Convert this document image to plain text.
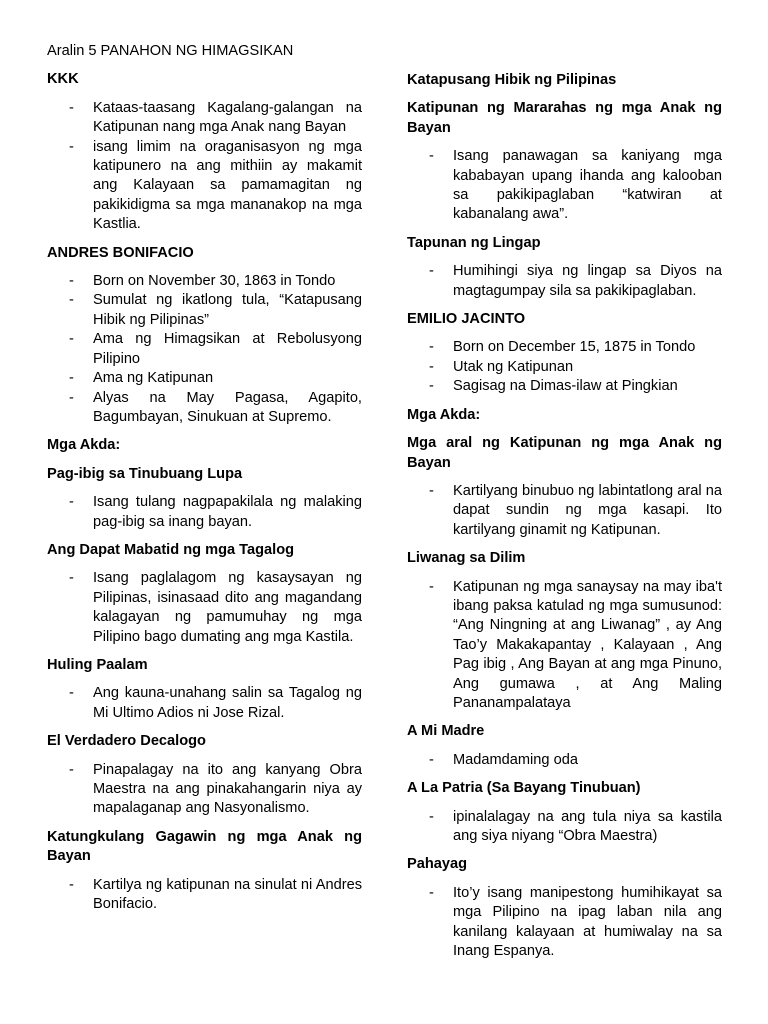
Aralin 5 PANAHON NG HIMAGSIKAN
KKK
- Kataas-taasang Kagalang-galangan na Katipunan nang mga Anak nang Bayan
- isang limim na oraganisasyon ng mga katipunero na ang mithiin ay makamit ang Kalayaan sa pamamagitan ng pakikidigma sa mga mananakop na mga Kastlia.
ANDRES BONIFACIO
- Born on November 30, 1863 in Tondo
- Sumulat ng ikatlong tula, “Katapusang Hibik ng Pilipinas”
- Ama ng Himagsikan at Rebolusyong Pilipino
- Ama ng Katipunan
- Alyas na May Pagasa, Agapito, Bagumbayan, Sinukuan at Supremo.
Mga Akda:
Pag-ibig sa Tinubuang Lupa
- Isang tulang nagpapakilala ng malaking pag-ibig sa inang bayan.
Ang Dapat Mabatid ng mga Tagalog
- Isang paglalagom ng kasaysayan ng Pilipinas, isinasaad dito ang magandang kalagayan ng pamumuhay ng mga Pilipino bago dumating ang mga Kastila.
Huling Paalam
- Ang kauna-unahang salin sa Tagalog ng Mi Ultimo Adios ni Jose Rizal.
El Verdadero Decalogo
- Pinapalagay na ito ang kanyang Obra Maestra na ang pinakahangarin niya ay mapalaganap ang Nasyonalismo.
Katungkulang Gagawin ng mga Anak ng Bayan
- Kartilya ng katipunan na sinulat ni Andres Bonifacio.
Katapusang Hibik ng Pilipinas
Katipunan ng Mararahas ng mga Anak ng Bayan
- Isang panawagan sa kaniyang mga kababayan upang ihanda ang kalooban sa pakikipaglaban “katwiran at kabanalang awa”.
Tapunan ng Lingap
- Humihingi siya ng lingap sa Diyos na magtagumpay sila sa pakikipaglaban.
EMILIO JACINTO
- Born on December 15, 1875 in Tondo
- Utak ng Katipunan
- Sagisag na Dimas-ilaw at Pingkian
Mga Akda:
Mga aral ng Katipunan ng mga Anak ng Bayan
- Kartilyang binubuo ng labintatlong aral na dapat sundin ng mga kasapi. Ito kartilyang ginamit ng Katipunan.
Liwanag sa Dilim
- Katipunan ng mga sanaysay na may iba't ibang paksa katulad ng mga sumusunod: “Ang Ningning at ang Liwanag” , ay Ang Tao’y Makakapantay , Kalayaan , Ang Pag ibig , Ang Bayan at ang mga Pinuno, Ang gumawa , at Ang Maling Pananampalataya
A Mi Madre
- Madamdaming oda
A La Patria (Sa Bayang Tinubuan)
- ipinalalagay na ang tula niya sa kastila ang siya niyang “Obra Maestra)
Pahayag
- Ito’y isang manipestong humihikayat sa mga Pilipino na ipag laban nila ang kanilang kalayaan at humiwalay na sa Inang Espanya.
